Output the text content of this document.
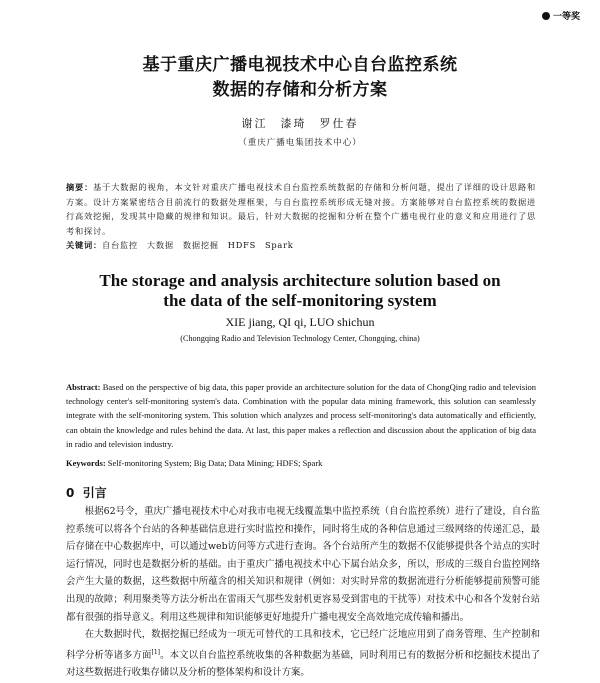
一等奖
基于重庆广播电视技术中心自台监控系统
数据的存储和分析方案
谢江　漆琦　罗仕春
（重庆广播电集团技术中心）
摘要：基于大数据的视角，本文针对重庆广播电视技术自台监控系统数据的存储和分析问题，提出了详细的设计思路和方案。设计方案紧密结合目前流行的数据处理框架，与自台监控系统形成无缝对接。方案能够对自台监控系统的数据进行高效挖掘，发现其中隐藏的规律和知识。最后，针对大数据的挖掘和分析在整个广播电视行业的意义和应用进行了思考和探讨。
关键词：自台监控　大数据　数据挖掘　HDFS　Spark
The storage and analysis architecture solution based on
the data of the self-monitoring system
XIE jiang, QI qi, LUO shichun
(Chongqing Radio and Television Technology Center, Chongqing, china)
Abstract: Based on the perspective of big data, this paper provide an architecture solution for the data of ChongQing radio and television technology center's self-monitoring system's data. Combination with the popular data mining framework, this solution can seamlessly integrate with the self-monitoring system. This solution which analyzes and process self-monitoring's data automatically and efficiently, can obtain the knowledge and rules behind the data. At last, this paper makes a reflection and discussion about the application of big data in radio and television industry.
Keywords: Self-monitoring System; Big Data; Data Mining; HDFS; Spark
0 引言

根据62号令，重庆广播电视技术中心对我市电视无线覆盖集中监控系统（自台监控系统）进行了建设，自台监控系统可以将各个台站的各种基础信息进行实时监控和操作，同时将生成的各种信息通过三级网络的传递汇总，最后存储在中心数据库中，可以通过web访问等方式进行查询。各个台站所产生的数据不仅能够提供各个站点的实时运行情况，同时也是数据分析的基础。由于重庆广播电视技术中心下属台站众多，所以，形成的三级自台监控网络会产生大量的数据，这些数据中所蕴含的相关知识和规律（例如：对实时异常的数据流进行分析能够提前预警可能出现的故障；利用聚类等方法分析出在雷雨天气那些发射机更容易受到雷电的干扰等）对技术中心和各个发射台站都有很强的指导意义。利用这些规律和知识能够更好地提升广播电视安全高效地完成传输和播出。

在大数据时代，数据挖掘已经成为一项无可替代的工具和技术，它已经广泛地应用到了商务管理、生产控制和科学分析等诸多方面[1]。本文以自台监控系统收集的各种数据为基础，同时利用已有的数据分析和挖掘技术提出了对这些数据进行收集存储以及分析的整体架构和设计方案。
